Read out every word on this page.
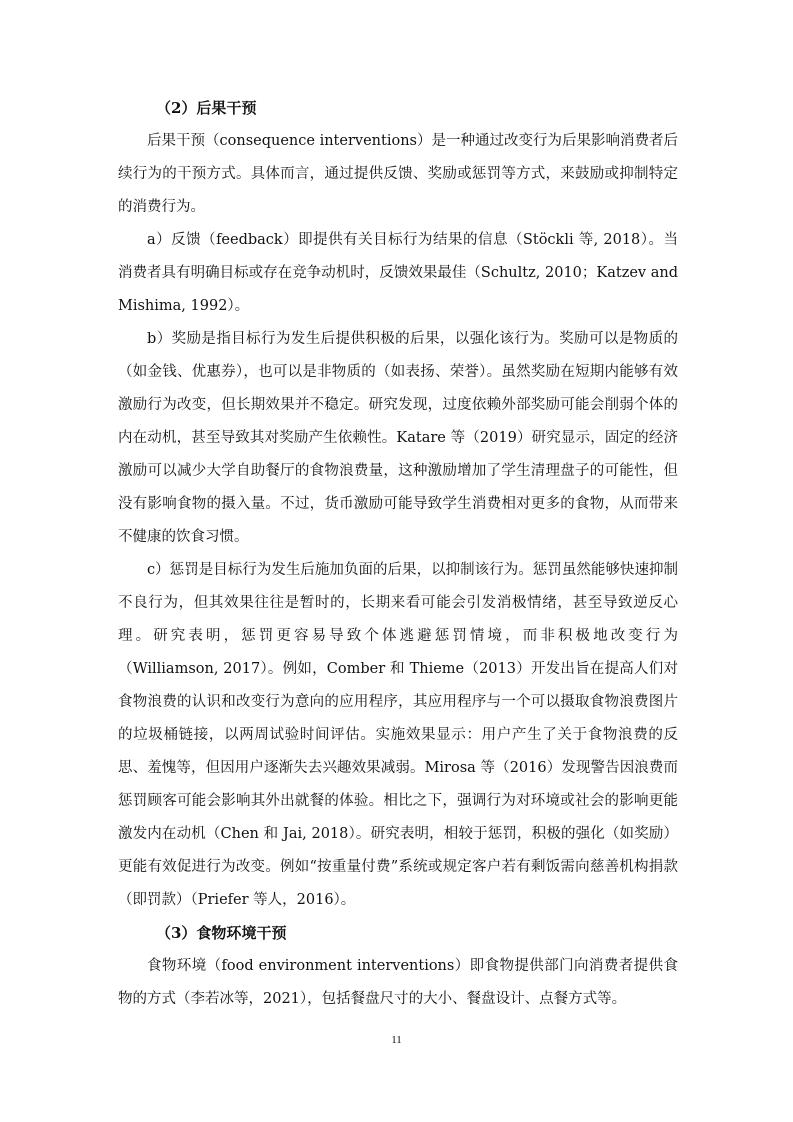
（2）后果干预

后果干预（consequence interventions）是一种通过改变行为后果影响消费者后续行为的干预方式。具体而言，通过提供反馈、奖励或惩罚等方式，来鼓励或抑制特定的消费行为。

a）反馈（feedback）即提供有关目标行为结果的信息（Stöckli 等, 2018）。当消费者具有明确目标或存在竞争动机时，反馈效果最佳（Schultz, 2010；Katzev and Mishima, 1992）。

b）奖励是指目标行为发生后提供积极的后果，以强化该行为。奖励可以是物质的（如金钱、优惠券），也可以是非物质的（如表扬、荣誉）。虽然奖励在短期内能够有效激励行为改变，但长期效果并不稳定。研究发现，过度依赖外部奖励可能会削弱个体的内在动机，甚至导致其对奖励产生依赖性。Katare 等（2019）研究显示，固定的经济激励可以减少大学自助餐厅的食物浪费量，这种激励增加了学生清理盘子的可能性，但没有影响食物的摄入量。不过，货币激励可能导致学生消费相对更多的食物，从而带来不健康的饮食习惯。

c）惩罚是目标行为发生后施加负面的后果，以抑制该行为。惩罚虽然能够快速抑制不良行为，但其效果往往是暂时的，长期来看可能会引发消极情绪，甚至导致逆反心理。研究表明，惩罚更容易导致个体逃避惩罚情境，而非积极地改变行为（Williamson, 2017）。例如，Comber 和 Thieme（2013）开发出旨在提高人们对食物浪费的认识和改变行为意向的应用程序，其应用程序与一个可以摄取食物浪费图片的垃圾桶链接，以两周试验时间评估。实施效果显示：用户产生了关于食物浪费的反思、羞愧等，但因用户逐渐失去兴趣效果减弱。Mirosa 等（2016）发现警告因浪费而惩罚顾客可能会影响其外出就餐的体验。相比之下，强调行为对环境或社会的影响更能激发内在动机（Chen 和 Jai, 2018）。研究表明，相较于惩罚，积极的强化（如奖励）更能有效促进行为改变。例如“按重量付费”系统或规定客户若有剩饭需向慈善机构捐款（即罚款）（Priefer 等人，2016）。

（3）食物环境干预

食物环境（food environment interventions）即食物提供部门向消费者提供食物的方式（李若冰等，2021），包括餐盘尺寸的大小、餐盘设计、点餐方式等。

11
